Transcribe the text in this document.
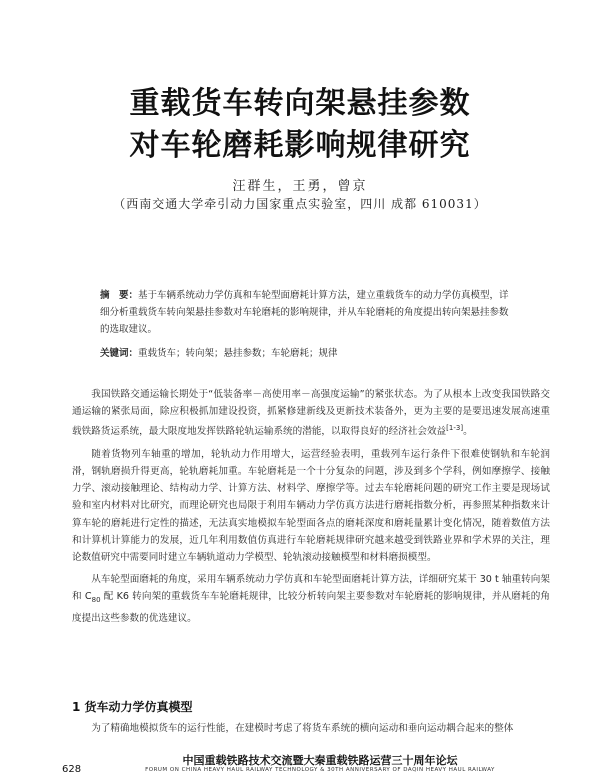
重载货车转向架悬挂参数
对车轮磨耗影响规律研究
汪群生，王勇，曾京
（西南交通大学牵引动力国家重点实验室，四川 成都 610031）
摘　要：基于车辆系统动力学仿真和车轮型面磨耗计算方法，建立重载货车的动力学仿真模型，详细分析重载货车转向架悬挂参数对车轮磨耗的影响规律，并从车轮磨耗的角度提出转向架悬挂参数的选取建议。
关键词：重载货车；转向架；悬挂参数；车轮磨耗；规律

我国铁路交通运输长期处于“低装备率－高使用率－高强度运输”的紧张状态。为了从根本上改变我国铁路交通运输的紧张局面，除应积极抓加建设投资，抓紧修建新线及更新技术装备外，更为主要的是要迅速发展高速重载铁路货运系统，最大限度地发挥铁路轮轨运输系统的潜能，以取得良好的经济社会效益[1-3]。

随着货物列车轴重的增加，轮轨动力作用增大，运营经验表明，重载列车运行条件下很难使钢轨和车轮润滑，钢轨磨损升得更高，轮轨磨耗加重。车轮磨耗是一个十分复杂的问题，涉及到多个学科，例如摩擦学、接触力学、滚动接触理论、结构动力学、计算方法、材料学、摩擦学等。过去车轮磨耗问题的研究工作主要是现场试验和室内材料对比研究，而理论研究也局限于利用车辆动力学仿真方法进行磨耗指数分析，再参照某种指数来计算车轮的磨耗进行定性的描述，无法真实地模拟车轮型面各点的磨耗深度和磨耗量累计变化情况，随着数值方法和计算机计算能力的发展，近几年利用数值仿真进行车轮磨耗规律研究越来越受到铁路业界和学术界的关注，理论数值研究中需要同时建立车辆轨道动力学模型、轮轨滚动接触模型和材料磨损模型。

从车轮型面磨耗的角度，采用车辆系统动力学仿真和车轮型面磨耗计算方法，详细研究某干 30 t 轴重转向架和 $C_{80}$ 配 K6 转向架的重载货车车轮磨耗规律，比较分析转向架主要参数对车轮磨耗的影响规律，并从磨耗的角度提出这些参数的优选建议。

1 货车动力学仿真模型
为了精确地模拟货车的运行性能，在建模时考虑了将货车系统的横向运动和垂向运动耦合起来的整体
628
中国重载铁路技术交流暨大秦重载铁路运营三十周年论坛
FORUM ON CHINA HEAVY HAUL RAILWAY TECHNOLOGY & 30TH ANNIVERSARY OF DAQIN HEAVY HAUL RAILWAY
